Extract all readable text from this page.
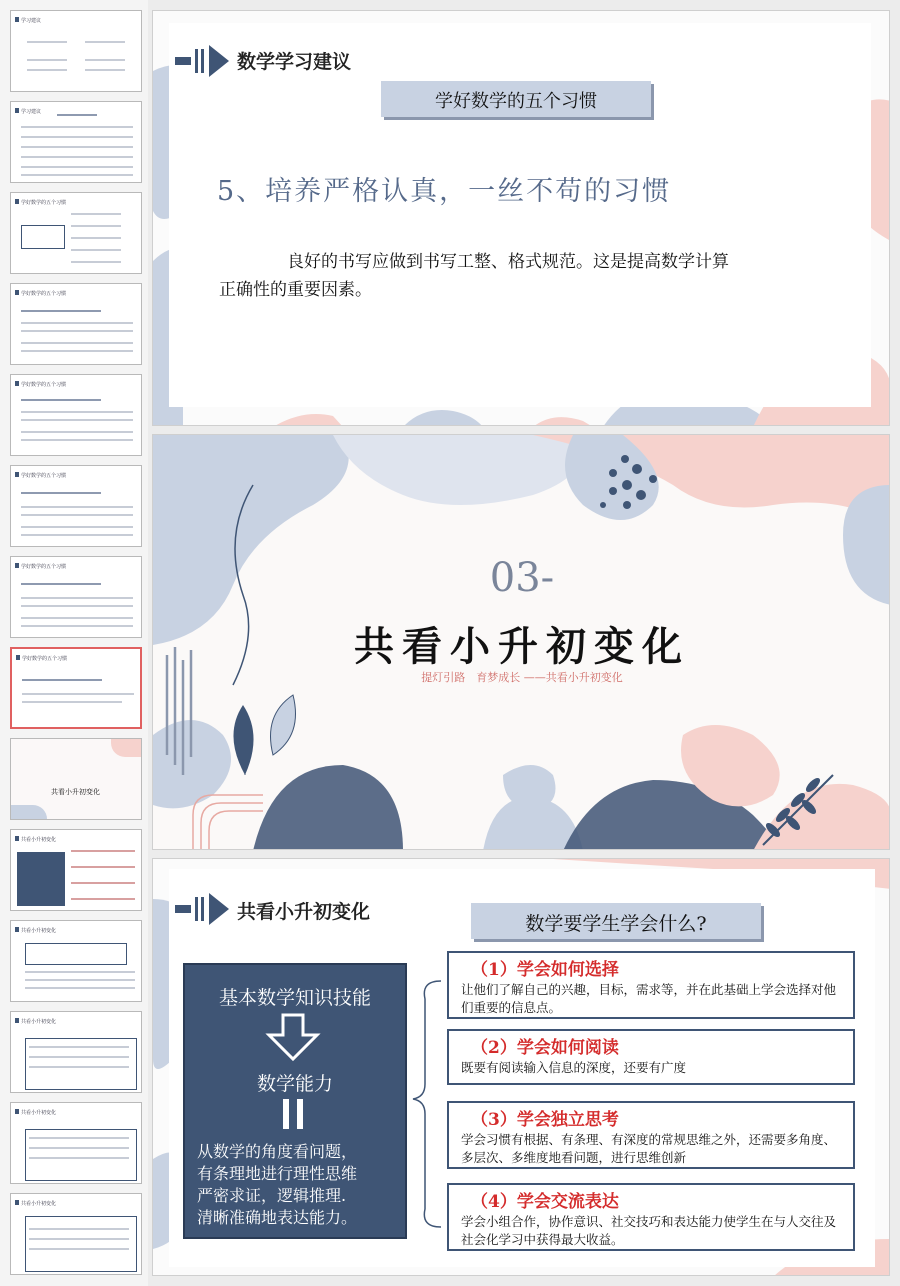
学习建议
学习建议
学好数学的五个习惯
学好数学的五个习惯
学好数学的五个习惯
学好数学的五个习惯
学好数学的五个习惯
学好数学的五个习惯
共看小升初变化
共看小升初变化
共看小升初变化
共看小升初变化
共看小升初变化
共看小升初变化
数学学习建议
学好数学的五个习惯
5、培养严格认真，一丝不苟的习惯
良好的书写应做到书写工整、格式规范。这是提高数学计算
正确性的重要因素。
03-
共看小升初变化
提灯引路　育梦成长 ——共看小升初变化
共看小升初变化
数学要学生学会什么?
基本数学知识技能
数学能力
从数学的角度看问题，
有条理地进行理性思维
严密求证，逻辑推理.
清晰准确地表达能力。
（1）学会如何选择
让他们了解自己的兴趣，目标，需求等，并在此基础上学会选择对他们重要的信息点。
（2）学会如何阅读
既要有阅读输入信息的深度，还要有广度
（3）学会独立思考
学会习惯有根据、有条理、有深度的常规思维之外，还需要多角度、多层次、多维度地看问题，进行思维创新
（4）学会交流表达
学会小组合作，协作意识、社交技巧和表达能力使学生在与人交往及社会化学习中获得最大收益。
